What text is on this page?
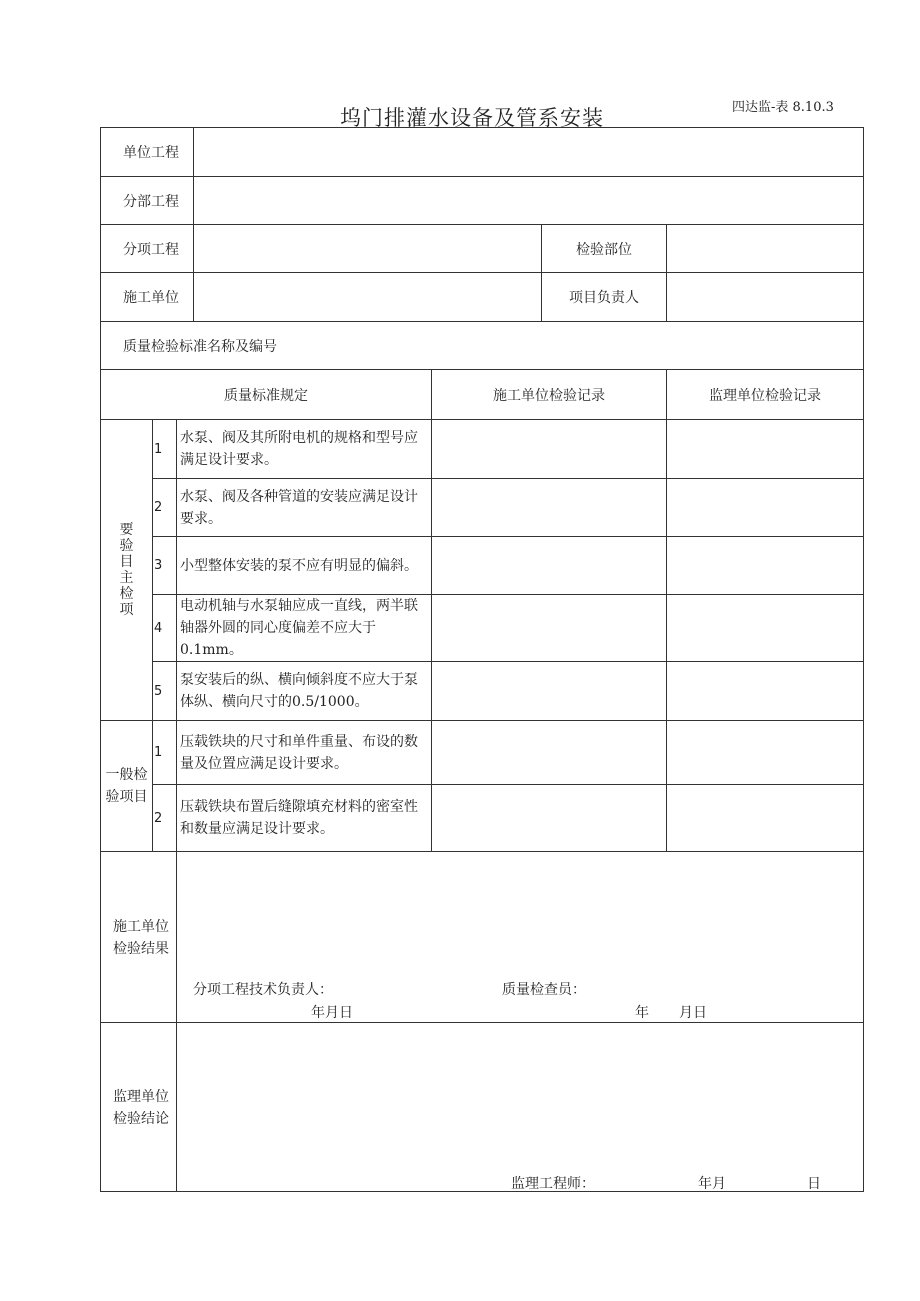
坞门排灌水设备及管系安装	四达监-表 8.10.3
单位工程						
分部工程						
分项工程					检验部位	
施工单位					项目负责人	
质量检验标准名称及编号						
质量标准规定				施工单位检验记录		监理单位检验记录

要验目主检项	1	水泵、阀及其所附电机的规格和型号应满足设计要求。				
	2	水泵、阀及各种管道的安装应满足设计要求。				
	3	小型整体安装的泵不应有明显的偏斜。				
	4	电动机轴与水泵轴应成一直线，两半联轴器外圆的同心度偏差不应大于0.1mm。				
	5	泵安装后的纵、横向倾斜度不应大于泵体纵、横向尺寸的0.5/1000。				

一般检验项目	1	压载铁块的尺寸和单件重量、布设的数量及位置应满足设计要求。				
	2	压载铁块布置后缝隙填充材料的密室性和数量应满足设计要求。				

施工单位检验结果		分项工程技术负责人： 质量检查员：
年月日 年 月日				

监理单位检验结论		监理工程师： 年月 日				
